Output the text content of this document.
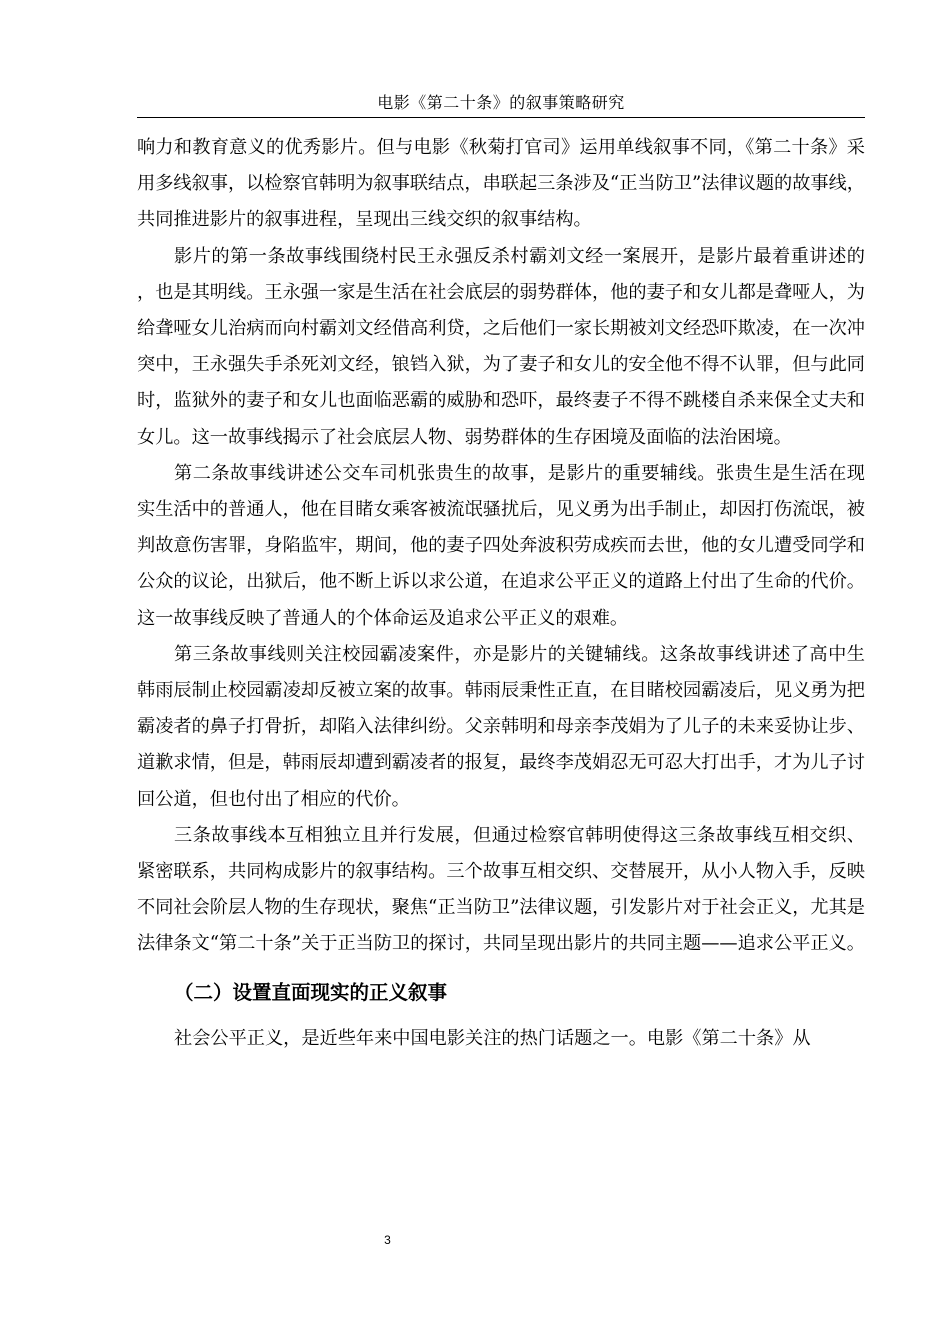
电影《第二十条》的叙事策略研究

响力和教育意义的优秀影片。但与电影《秋菊打官司》运用单线叙事不同，《第二十条》采用多线叙事，以检察官韩明为叙事联结点，串联起三条涉及“正当防卫”法律议题的故事线，共同推进影片的叙事进程，呈现出三线交织的叙事结构。

影片的第一条故事线围绕村民王永强反杀村霸刘文经一案展开，是影片最着重讲述的，也是其明线。王永强一家是生活在社会底层的弱势群体，他的妻子和女儿都是聋哑人，为给聋哑女儿治病而向村霸刘文经借高利贷，之后他们一家长期被刘文经恐吓欺凌，在一次冲突中，王永强失手杀死刘文经，锒铛入狱，为了妻子和女儿的安全他不得不认罪，但与此同时，监狱外的妻子和女儿也面临恶霸的威胁和恐吓，最终妻子不得不跳楼自杀来保全丈夫和女儿。这一故事线揭示了社会底层人物、弱势群体的生存困境及面临的法治困境。

第二条故事线讲述公交车司机张贵生的故事，是影片的重要辅线。张贵生是生活在现实生活中的普通人，他在目睹女乘客被流氓骚扰后，见义勇为出手制止，却因打伤流氓，被判故意伤害罪，身陷监牢，期间，他的妻子四处奔波积劳成疾而去世，他的女儿遭受同学和公众的议论，出狱后，他不断上诉以求公道，在追求公平正义的道路上付出了生命的代价。这一故事线反映了普通人的个体命运及追求公平正义的艰难。

第三条故事线则关注校园霸凌案件，亦是影片的关键辅线。这条故事线讲述了高中生韩雨辰制止校园霸凌却反被立案的故事。韩雨辰秉性正直，在目睹校园霸凌后，见义勇为把霸凌者的鼻子打骨折，却陷入法律纠纷。父亲韩明和母亲李茂娟为了儿子的未来妥协让步、道歉求情，但是，韩雨辰却遭到霸凌者的报复，最终李茂娟忍无可忍大打出手，才为儿子讨回公道，但也付出了相应的代价。

三条故事线本互相独立且并行发展，但通过检察官韩明使得这三条故事线互相交织、紧密联系，共同构成影片的叙事结构。三个故事互相交织、交替展开，从小人物入手，反映不同社会阶层人物的生存现状，聚焦“正当防卫”法律议题，引发影片对于社会正义，尤其是法律条文“第二十条”关于正当防卫的探讨，共同呈现出影片的共同主题——追求公平正义。

（二）设置直面现实的正义叙事

社会公平正义，是近些年来中国电影关注的热门话题之一。电影《第二十条》从

3
